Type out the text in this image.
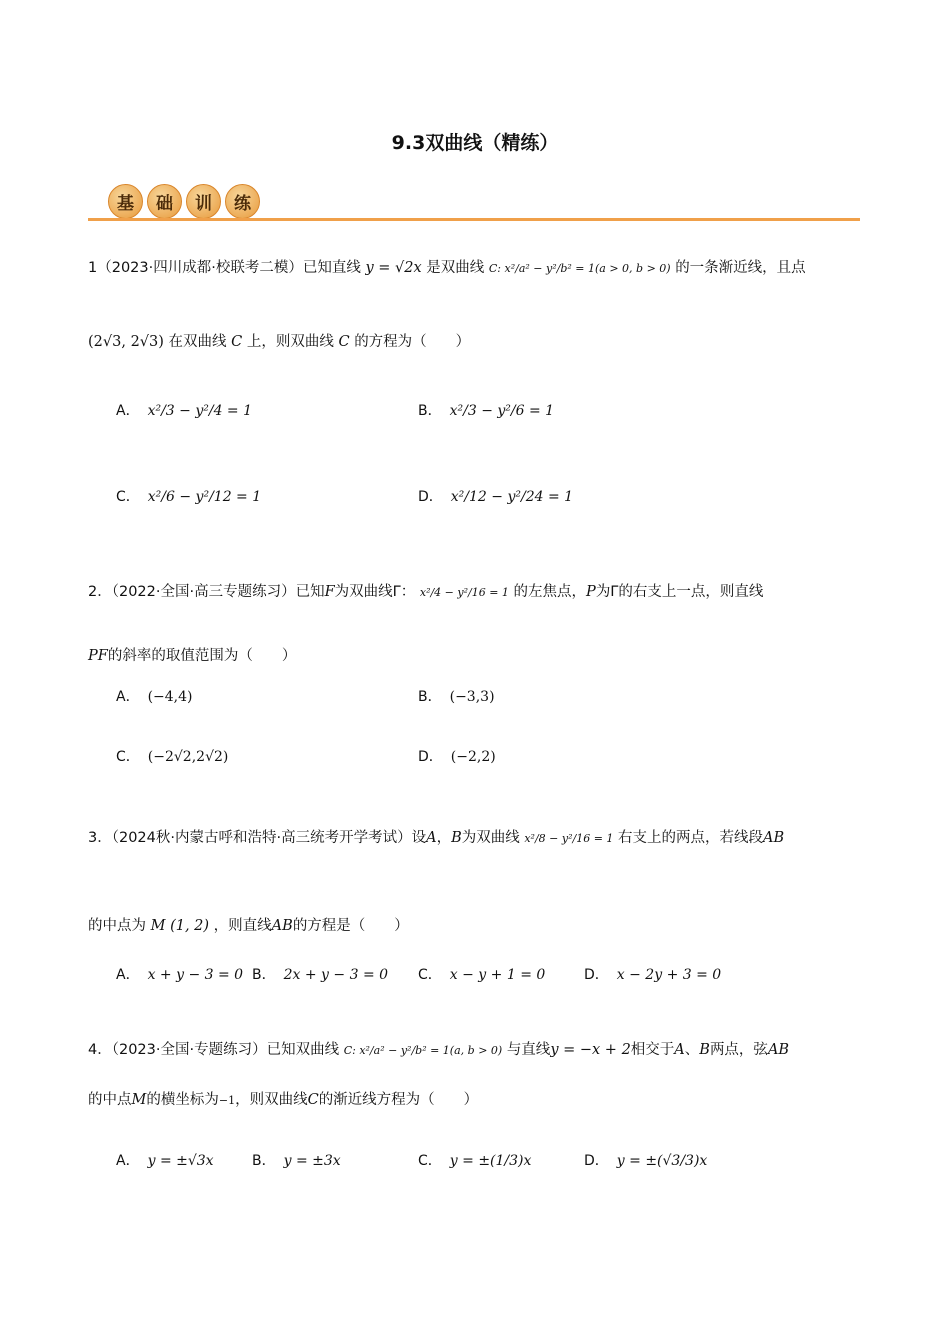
9.3双曲线（精练）
基	础	训	练
1（2023·四川成都·校联考二模）已知直线 y = √2x 是双曲线 C: x²/a² − y²/b² = 1(a > 0, b > 0) 的一条渐近线，且点
(2√3, 2√3) 在双曲线 C 上，则双曲线 C 的方程为（　　）
A． x²/3 − y²/4 = 1	B． x²/3 − y²/6 = 1
C． x²/6 − y²/12 = 1	D． x²/12 − y²/24 = 1
2．（2022·全国·高三专题练习）已知F为双曲线Γ： x²/4 − y²/16 = 1 的左焦点，P为Γ的右支上一点，则直线
PF的斜率的取值范围为（　　）
A． (−4,4)	B． (−3,3)
C． (−2√2,2√2)	D． (−2,2)
3．（2024秋·内蒙古呼和浩特·高三统考开学考试）设A，B为双曲线 x²/8 − y²/16 = 1 右支上的两点，若线段AB
的中点为 M (1, 2) ，则直线AB的方程是（　　）
A． x + y − 3 = 0 B． 2x + y − 3 = 0 C． x − y + 1 = 0	D． x − 2y + 3 = 0
4．（2023·全国·专题练习）已知双曲线 C: x²/a² − y²/b² = 1(a, b > 0) 与直线y = −x + 2相交于A、B两点，弦AB
的中点M的横坐标为−1，则双曲线C的渐近线方程为（　　）
A． y = ±√3x	B． y = ±3x	C． y = ±(1/3)x	D． y = ±(√3/3)x
